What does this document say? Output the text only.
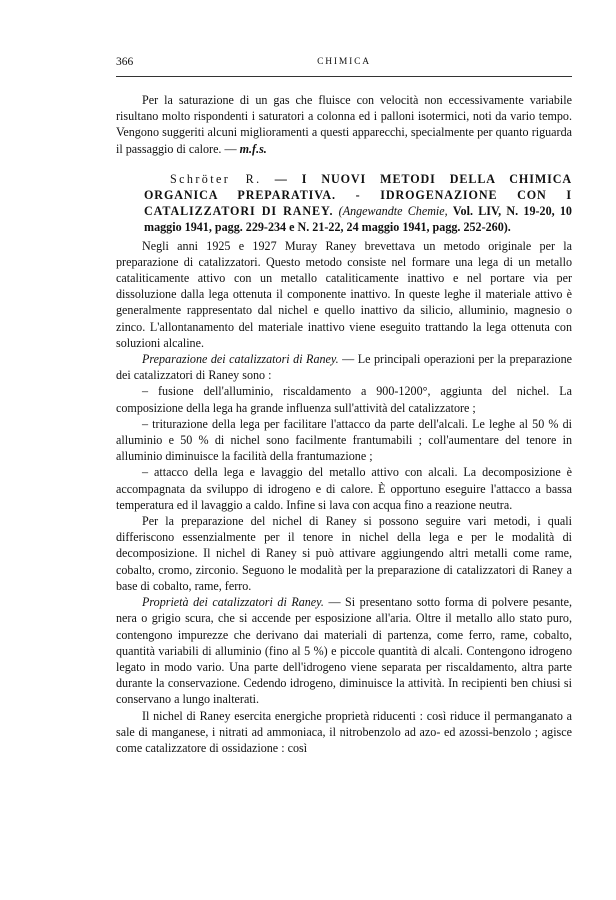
366	CHIMICA

Per la saturazione di un gas che fluisce con velocità non eccessivamente variabile risultano molto rispondenti i saturatori a colonna ed i palloni isotermici, noti da vario tempo. Vengono suggeriti alcuni miglioramenti a questi apparecchi, specialmente per quanto riguarda il passaggio di calore. — m.f.s.

Schröter R. — I NUOVI METODI DELLA CHIMICA ORGANICA PREPARATIVA. - IDROGENAZIONE CON I CATALIZZATORI DI RANEY. (Angewandte Chemie, Vol. LIV, N. 19-20, 10 maggio 1941, pagg. 229-234 e N. 21-22, 24 maggio 1941, pagg. 252-260).

Negli anni 1925 e 1927 Muray Raney brevettava un metodo originale per la preparazione di catalizzatori. Questo metodo consiste nel formare una lega di un metallo cataliticamente attivo con un metallo cataliticamente inattivo e nel portare via per dissoluzione dalla lega ottenuta il componente inattivo. In queste leghe il materiale attivo è generalmente rappresentato dal nichel e quello inattivo da silicio, alluminio, magnesio o zinco. L'allontanamento del materiale inattivo viene eseguito trattando la lega ottenuta con soluzioni alcaline.

Preparazione dei catalizzatori di Raney. — Le principali operazioni per la preparazione dei catalizzatori di Raney sono :

– fusione dell'alluminio, riscaldamento a 900-1200°, aggiunta del nichel. La composizione della lega ha grande influenza sull'attività del catalizzatore ;

– triturazione della lega per facilitare l'attacco da parte dell'alcali. Le leghe al 50 % di alluminio e 50 % di nichel sono facilmente frantumabili ; coll'aumentare del tenore in alluminio diminuisce la facilità della frantumazione ;

– attacco della lega e lavaggio del metallo attivo con alcali. La decomposizione è accompagnata da sviluppo di idrogeno e di calore. È opportuno eseguire l'attacco a bassa temperatura ed il lavaggio a caldo. Infine si lava con acqua fino a reazione neutra.

Per la preparazione del nichel di Raney si possono seguire vari metodi, i quali differiscono essenzialmente per il tenore in nichel della lega e per le modalità di decomposizione. Il nichel di Raney si può attivare aggiungendo altri metalli come rame, cobalto, cromo, zirconio. Seguono le modalità per la preparazione di catalizzatori di Raney a base di cobalto, rame, ferro.

Proprietà dei catalizzatori di Raney. — Si presentano sotto forma di polvere pesante, nera o grigio scura, che si accende per esposizione all'aria. Oltre il metallo allo stato puro, contengono impurezze che derivano dai materiali di partenza, come ferro, rame, cobalto, quantità variabili di alluminio (fino al 5 %) e piccole quantità di alcali. Contengono idrogeno legato in modo vario. Una parte dell'idrogeno viene separata per riscaldamento, altra parte durante la conservazione. Cedendo idrogeno, diminuisce la attività. In recipienti ben chiusi si conservano a lungo inalterati.

Il nichel di Raney esercita energiche proprietà riducenti : così riduce il permanganato a sale di manganese, i nitrati ad ammoniaca, il nitrobenzolo ad azo- ed azossi-benzolo ; agisce come catalizzatore di ossidazione : così
